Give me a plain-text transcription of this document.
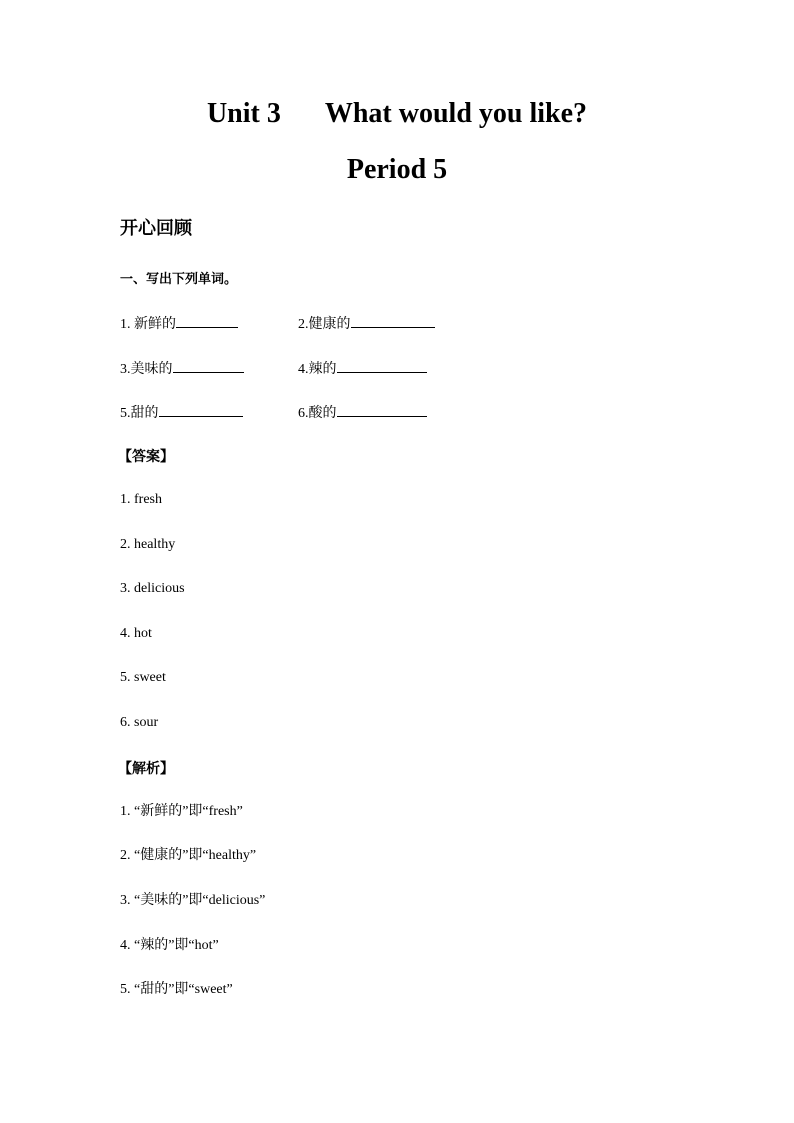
Unit 3 What would you like?
Period 5
开心回顾
一、写出下列单词。
1. 新鲜的	2.健康的
3.美味的	4.辣的
5.甜的	6.酸的
【答案】
1. fresh
2. healthy
3. delicious
4. hot
5. sweet
6. sour
【解析】
1. “新鲜的”即“fresh”
2. “健康的”即“healthy”
3. “美味的”即“delicious”
4. “辣的”即“hot”
5. “甜的”即“sweet”
